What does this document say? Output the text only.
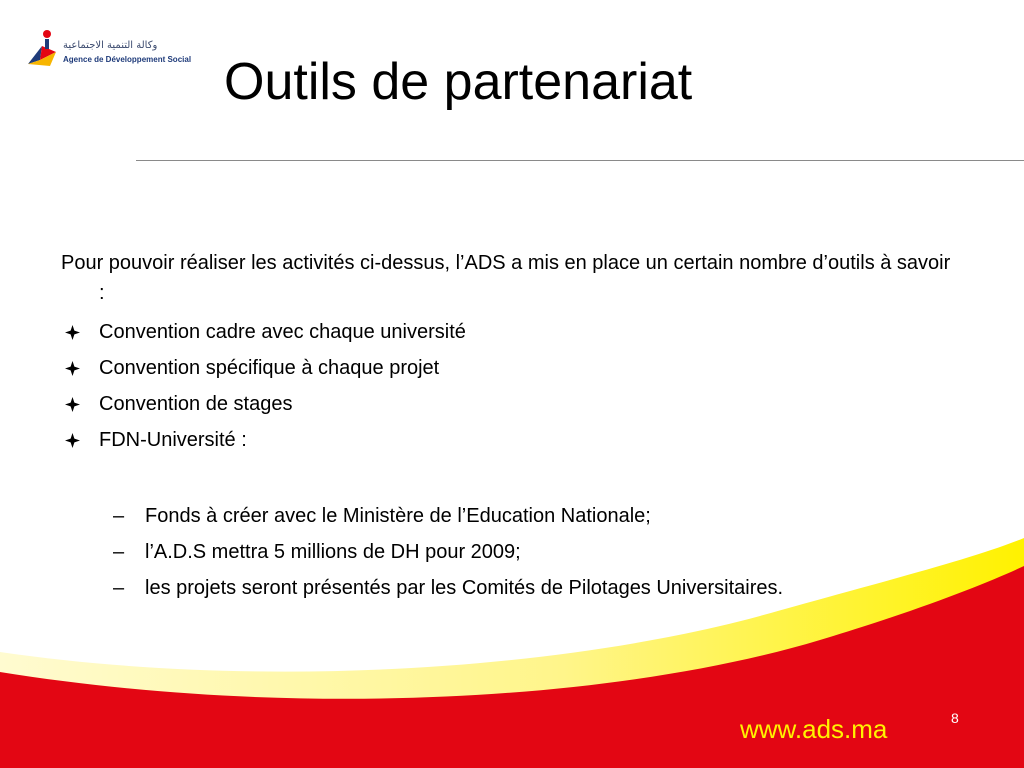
وكالة التنمية الاجتماعية
Agence de Développement Social Outils de partenariat

Pour pouvoir réaliser les activités ci-dessus, l’ADS a mis en place un certain nombre d’outils à savoir :

Convention cadre avec chaque université
Convention spécifique à chaque projet
Convention de stages
FDN-Université :
– Fonds à créer avec le Ministère de l’Education Nationale;
– l’A.D.S mettra 5 millions de DH pour 2009;
– les projets seront présentés par les Comités de Pilotages Universitaires.
www.ads.ma	8
